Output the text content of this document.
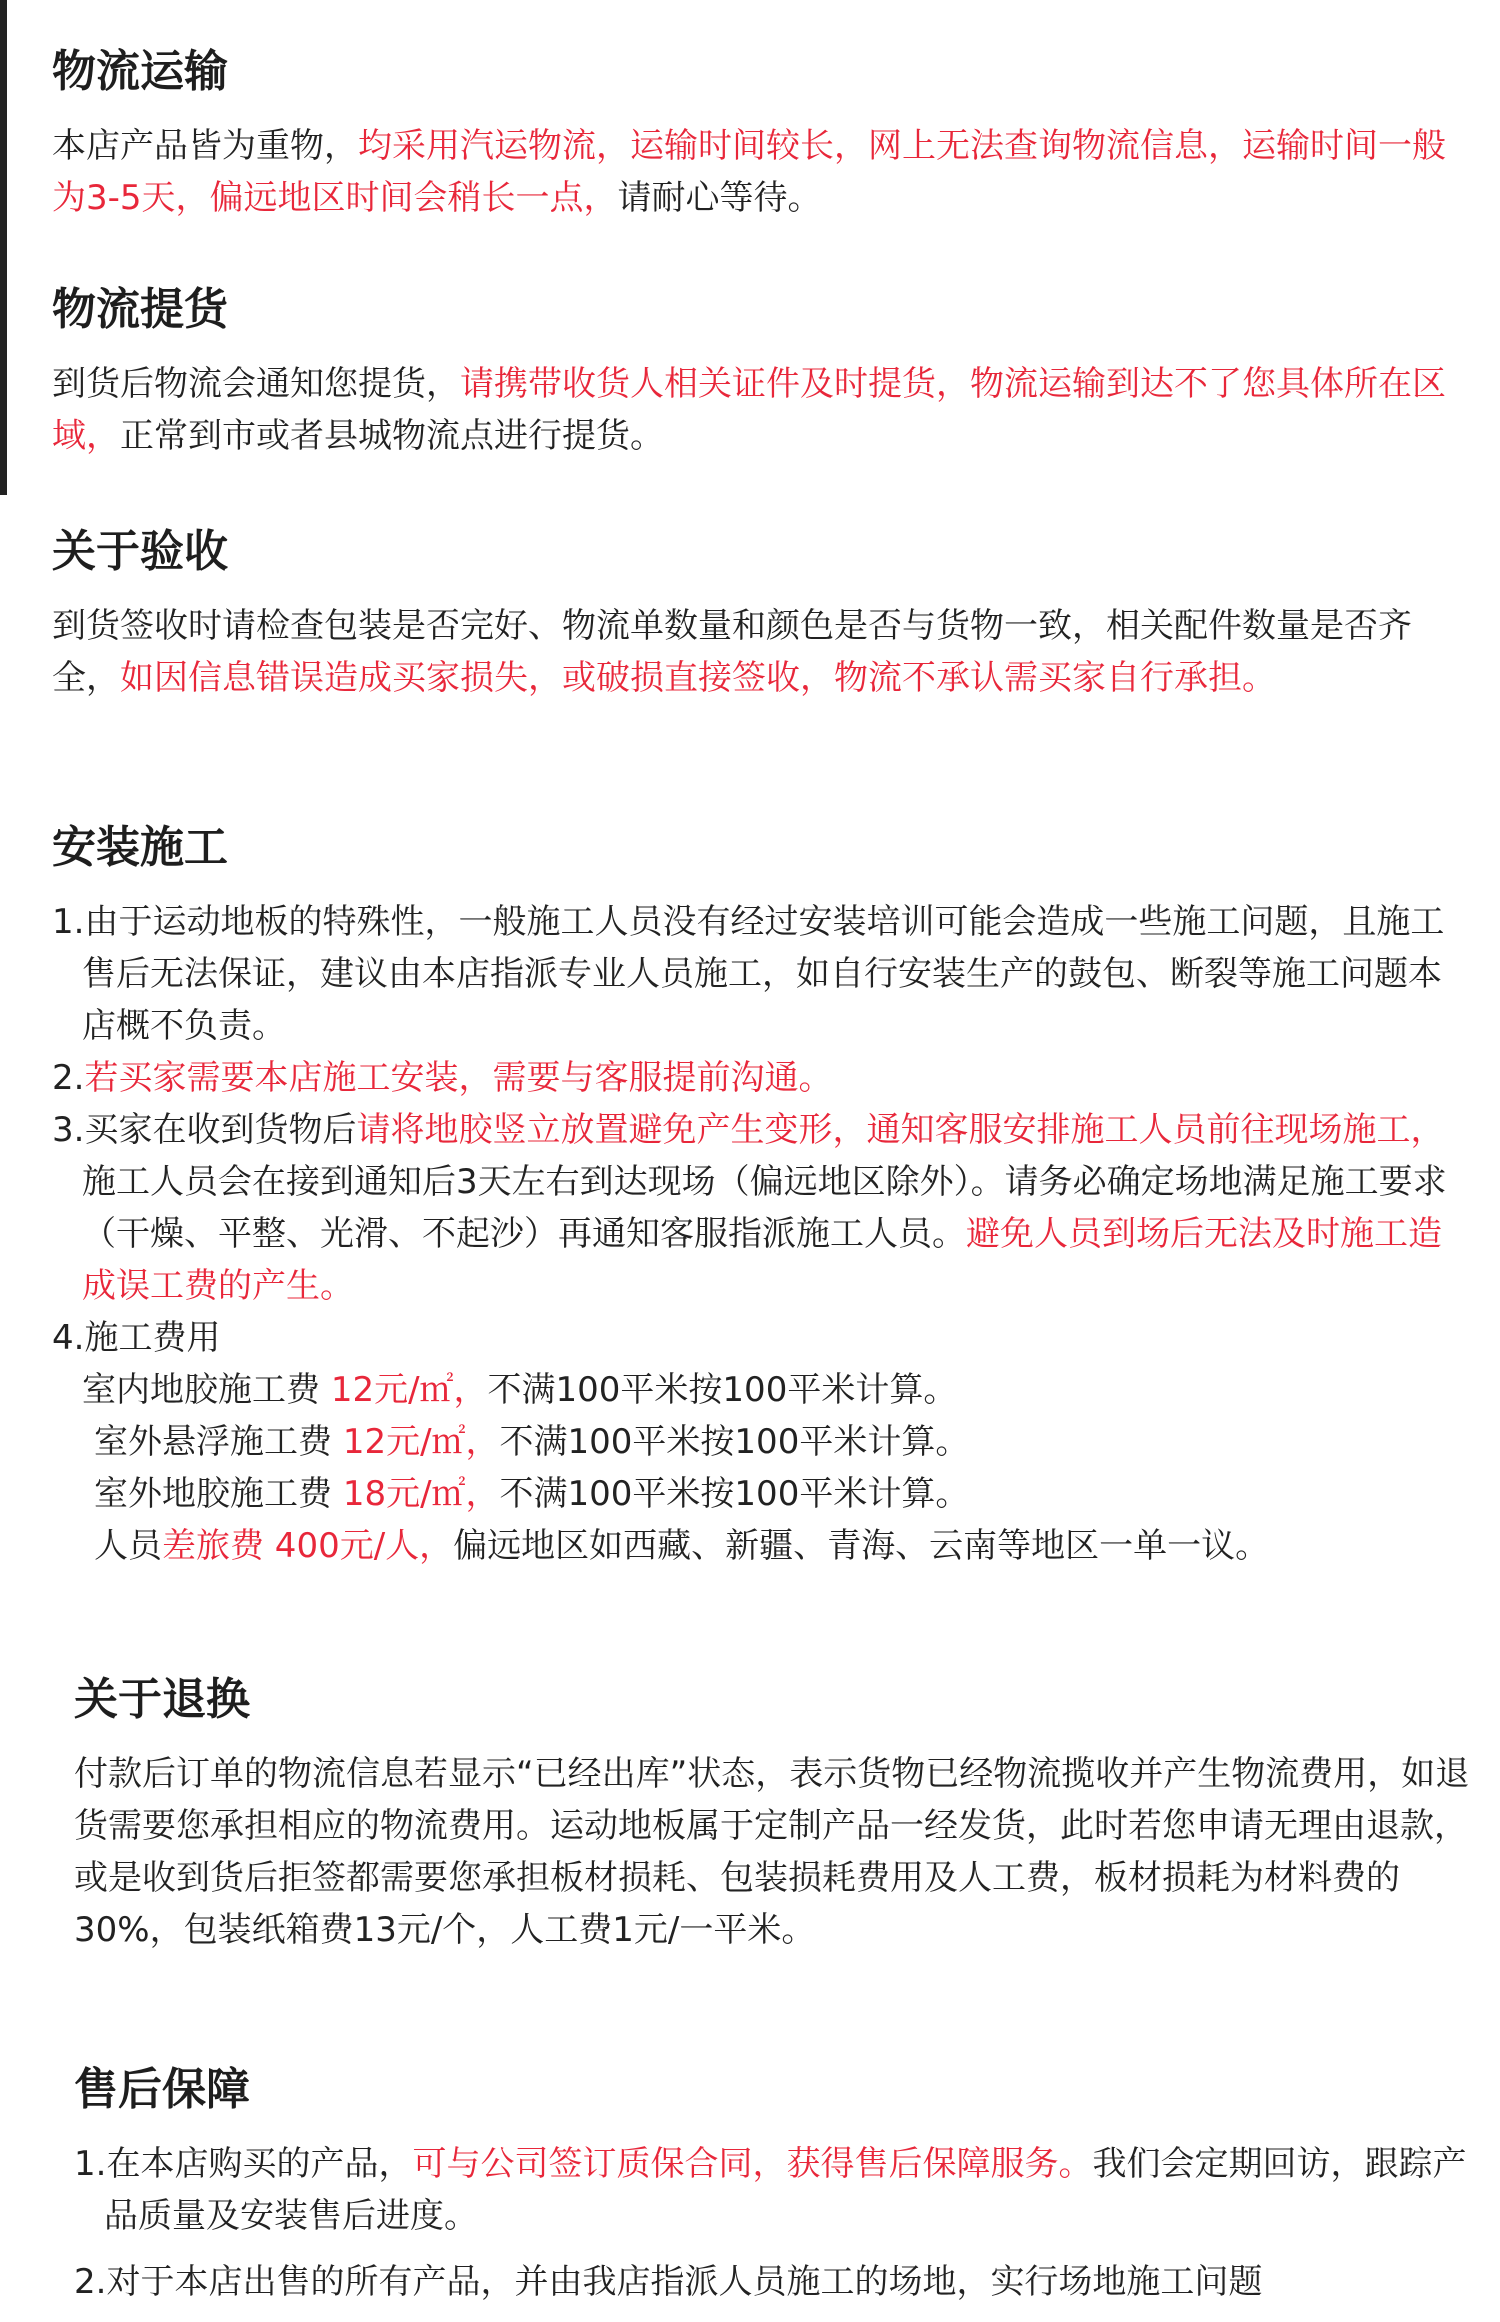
物流运输

本店产品皆为重物，均采用汽运物流，运输时间较长，网上无法查询物流信息，运输时间一般为3-5天，偏远地区时间会稍长一点，请耐心等待。

物流提货

到货后物流会通知您提货，请携带收货人相关证件及时提货，物流运输到达不了您具体所在区域，正常到市或者县城物流点进行提货。

关于验收

到货签收时请检查包装是否完好、物流单数量和颜色是否与货物一致，相关配件数量是否齐全，如因信息错误造成买家损失，或破损直接签收，物流不承认需买家自行承担。

安装施工

1.由于运动地板的特殊性，一般施工人员没有经过安装培训可能会造成一些施工问题，且施工售后无法保证，建议由本店指派专业人员施工，如自行安装生产的鼓包、断裂等施工问题本店概不负责。

2.若买家需要本店施工安装，需要与客服提前沟通。

3.买家在收到货物后请将地胶竖立放置避免产生变形，通知客服安排施工人员前往现场施工，施工人员会在接到通知后3天左右到达现场（偏远地区除外）。请务必确定场地满足施工要求（干燥、平整、光滑、不起沙）再通知客服指派施工人员。避免人员到场后无法及时施工造成误工费的产生。

4.施工费用

室内地胶施工费 12元/㎡，不满100平米按100平米计算。
室外悬浮施工费 12元/㎡，不满100平米按100平米计算。
室外地胶施工费 18元/㎡，不满100平米按100平米计算。
人员差旅费 400元/人，偏远地区如西藏、新疆、青海、云南等地区一单一议。
关于退换

付款后订单的物流信息若显示“已经出库”状态，表示货物已经物流揽收并产生物流费用，如退货需要您承担相应的物流费用。运动地板属于定制产品一经发货，此时若您申请无理由退款，或是收到货后拒签都需要您承担板材损耗、包装损耗费用及人工费，板材损耗为材料费的30%，包装纸箱费13元/个，人工费1元/一平米。

售后保障

1.在本店购买的产品，可与公司签订质保合同，获得售后保障服务。我们会定期回访，跟踪产品质量及安装售后进度。

2.对于本店出售的所有产品，并由我店指派人员施工的场地，实行场地施工问题
